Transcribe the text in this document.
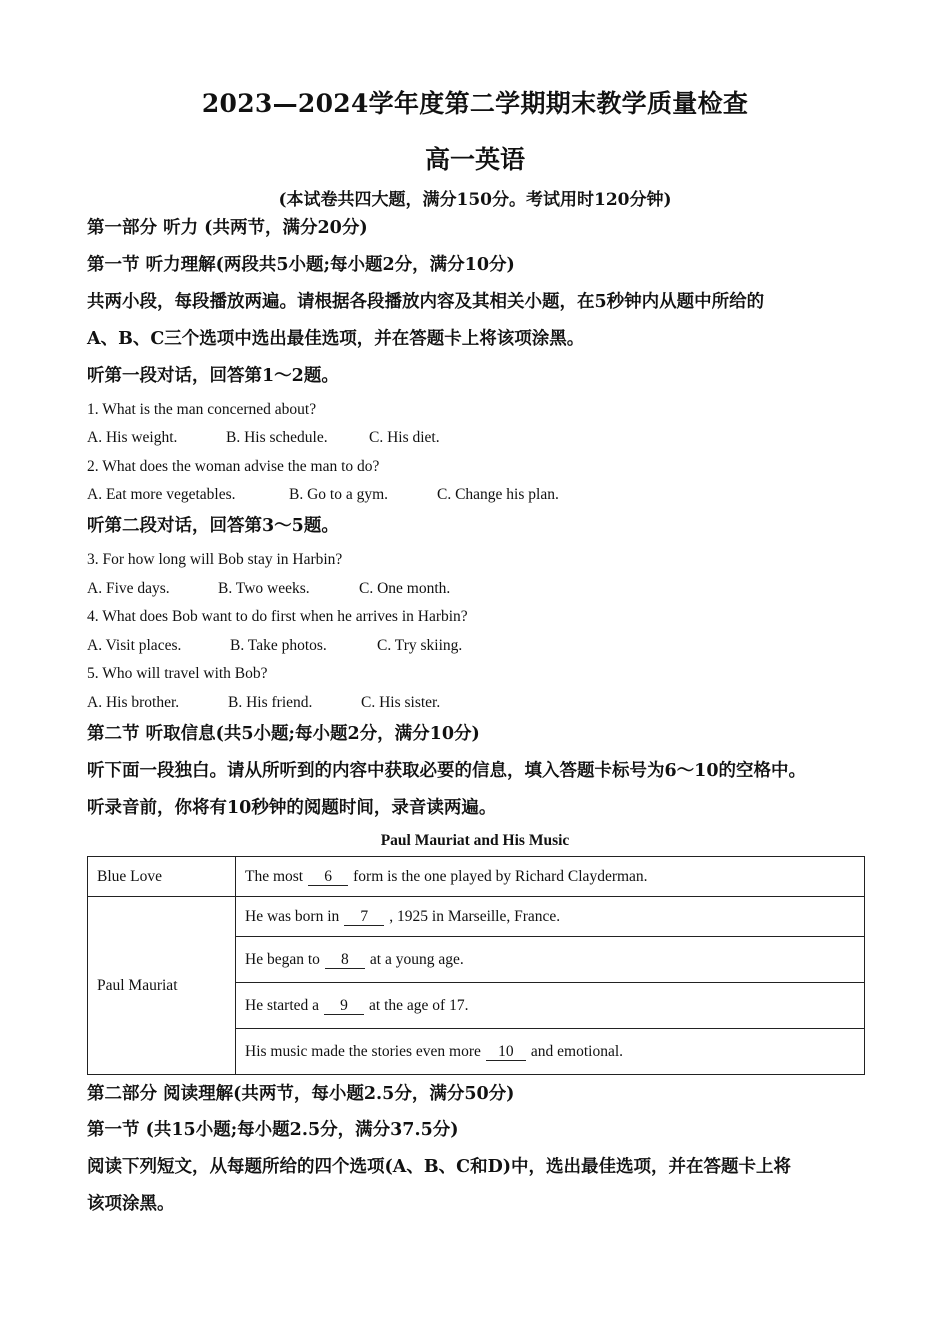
2023—2024学年度第二学期期末教学质量检查
高一英语
(本试卷共四大题，满分150分。考试用时120分钟)
第一部分 听力 (共两节，满分20分)
第一节 听力理解(两段共5小题;每小题2分，满分10分)
共两小段，每段播放两遍。请根据各段播放内容及其相关小题，在5秒钟内从题中所给的
A、B、C三个选项中选出最佳选项，并在答题卡上将该项涂黑。
听第一段对话，回答第1～2题。
1. What is the man concerned about?
A. His weight.	B. His schedule.	C. His diet.
2. What does the woman advise the man to do?
A. Eat more vegetables.	B. Go to a gym.	C. Change his plan.
听第二段对话，回答第3～5题。
3. For how long will Bob stay in Harbin?
A. Five days.	B. Two weeks.	C. One month.
4. What does Bob want to do first when he arrives in Harbin?
A. Visit places.	B. Take photos.	C. Try skiing.
5. Who will travel with Bob?
A. His brother.	B. His friend.	C. His sister.
第二节 听取信息(共5小题;每小题2分，满分10分)
听下面一段独白。请从所听到的内容中获取必要的信息，填入答题卡标号为6～10的空格中。
听录音前，你将有10秒钟的阅题时间，录音读两遍。
Paul Mauriat and His Music
Blue Love	The most 6 form is the one played by Richard Clayderman.
Paul Mauriat	He was born in 7 , 1925 in Marseille, France.
	He began to 8 at a young age.
	He started a 9 at the age of 17.
	His music made the stories even more 10 and emotional.
第二部分 阅读理解(共两节，每小题2.5分，满分50分)
第一节 (共15小题;每小题2.5分，满分37.5分)
阅读下列短文，从每题所给的四个选项(A、B、C和D)中，选出最佳选项，并在答题卡上将
该项涂黑。
